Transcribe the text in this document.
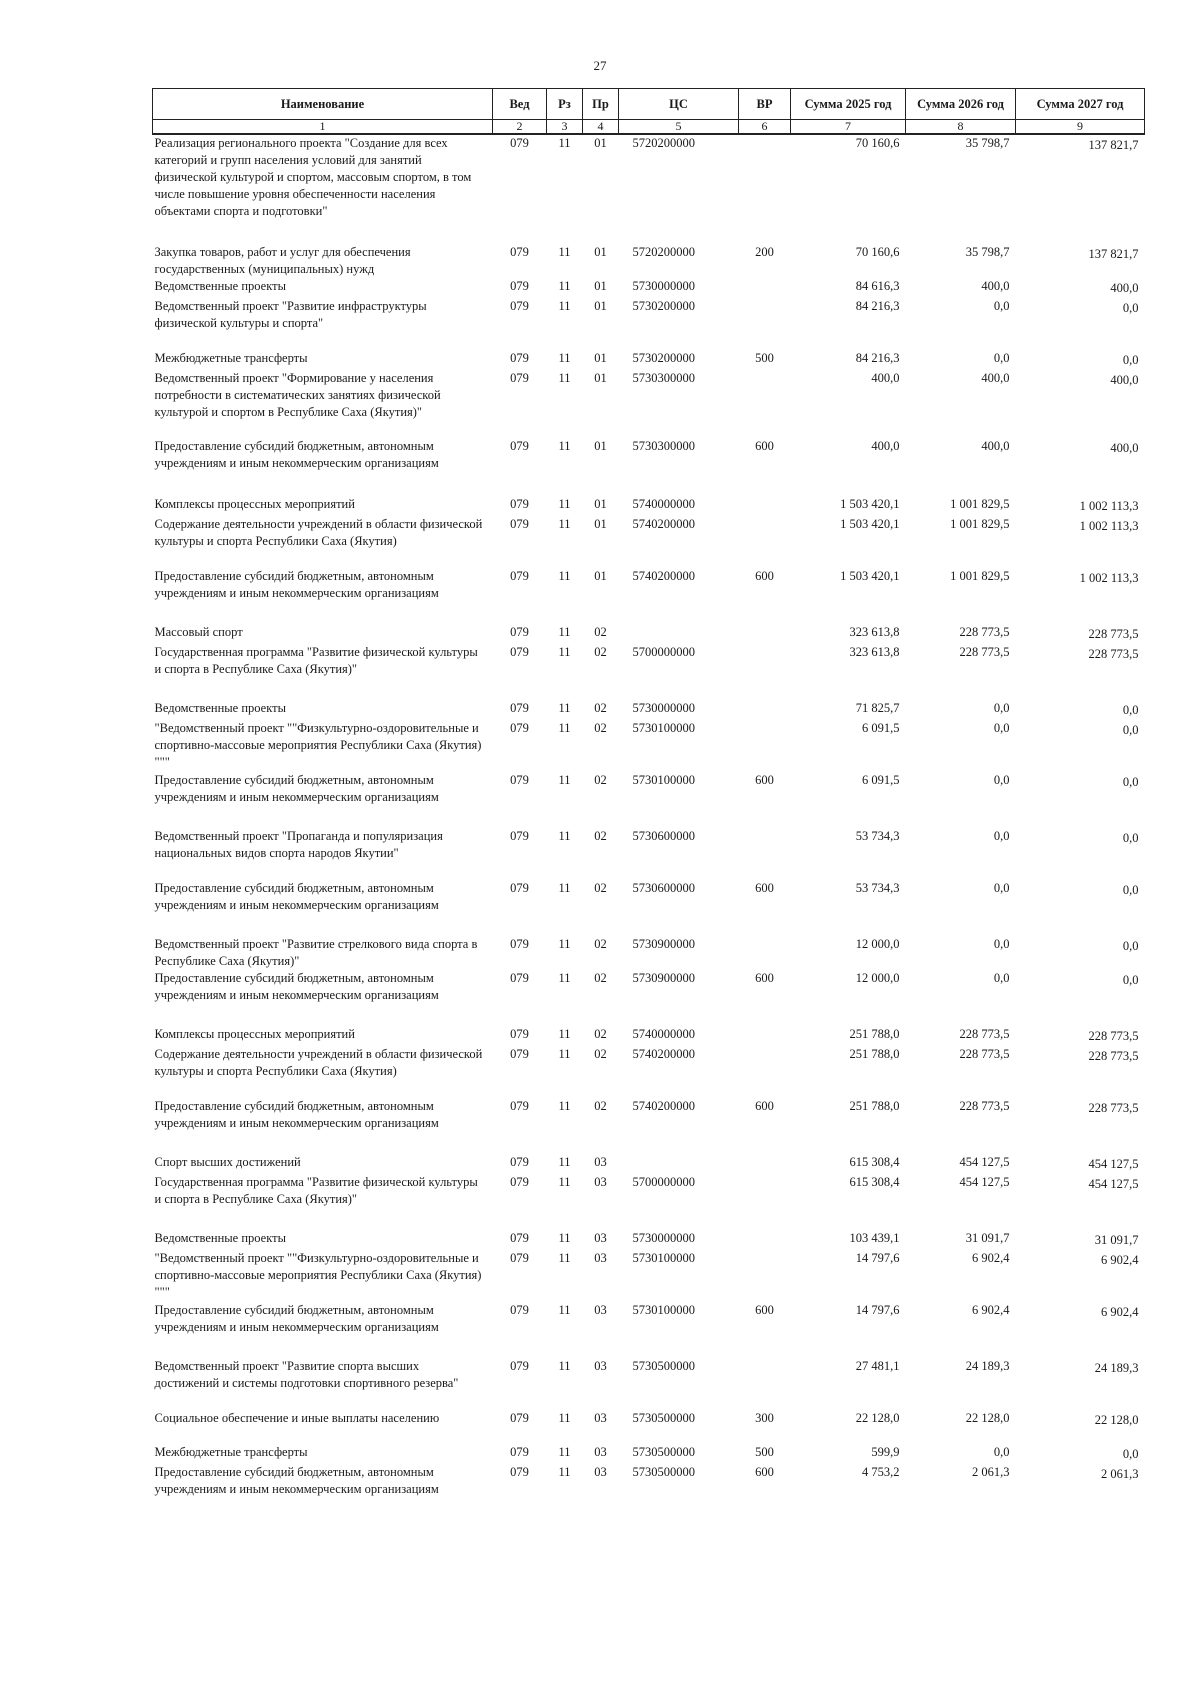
27
Наименование	Вед	Рз	Пр	ЦС	ВР	Сумма 2025 год	Сумма 2026 год	Сумма 2027 год
1	2	3	4	5	6	7	8	9
Реализация регионального проекта "Создание для всех категорий и групп населения условий для занятий физической культурой и спортом, массовым спортом, в том числе повышение уровня обеспеченности населения объектами спорта и подготовки"	079	11	01	5720200000		70 160,6	35 798,7	137 821,7
Закупка товаров, работ и услуг для обеспечения государственных (муниципальных) нужд	079	11	01	5720200000	200	70 160,6	35 798,7	137 821,7
Ведомственные проекты	079	11	01	5730000000		84 616,3	400,0	400,0
Ведомственный проект "Развитие инфраструктуры физической культуры и спорта"	079	11	01	5730200000		84 216,3	0,0	0,0
Межбюджетные трансферты	079	11	01	5730200000	500	84 216,3	0,0	0,0
Ведомственный проект "Формирование у населения потребности в систематических занятиях физической культурой и спортом в Республике Саха (Якутия)"	079	11	01	5730300000		400,0	400,0	400,0
Предоставление субсидий бюджетным, автономным учреждениям и иным некоммерческим организациям	079	11	01	5730300000	600	400,0	400,0	400,0
Комплексы процессных мероприятий	079	11	01	5740000000		1 503 420,1	1 001 829,5	1 002 113,3
Содержание деятельности учреждений в области физической культуры и спорта Республики Саха (Якутия)	079	11	01	5740200000		1 503 420,1	1 001 829,5	1 002 113,3
Предоставление субсидий бюджетным, автономным учреждениям и иным некоммерческим организациям	079	11	01	5740200000	600	1 503 420,1	1 001 829,5	1 002 113,3
Массовый спорт	079	11	02			323 613,8	228 773,5	228 773,5
Государственная программа "Развитие физической культуры и спорта в Республике Саха (Якутия)"	079	11	02	5700000000		323 613,8	228 773,5	228 773,5
Ведомственные проекты	079	11	02	5730000000		71 825,7	0,0	0,0
"Ведомственный проект ""Физкультурно-оздоровительные и спортивно-массовые мероприятия Республики Саха (Якутия) """	079	11	02	5730100000		6 091,5	0,0	0,0
Предоставление субсидий бюджетным, автономным учреждениям и иным некоммерческим организациям	079	11	02	5730100000	600	6 091,5	0,0	0,0
Ведомственный проект "Пропаганда и популяризация национальных видов спорта народов Якутии"	079	11	02	5730600000		53 734,3	0,0	0,0
Предоставление субсидий бюджетным, автономным учреждениям и иным некоммерческим организациям	079	11	02	5730600000	600	53 734,3	0,0	0,0
Ведомственный проект "Развитие стрелкового вида спорта в Республике Саха (Якутия)"	079	11	02	5730900000		12 000,0	0,0	0,0
Предоставление субсидий бюджетным, автономным учреждениям и иным некоммерческим организациям	079	11	02	5730900000	600	12 000,0	0,0	0,0
Комплексы процессных мероприятий	079	11	02	5740000000		251 788,0	228 773,5	228 773,5
Содержание деятельности учреждений в области физической культуры и спорта Республики Саха (Якутия)	079	11	02	5740200000		251 788,0	228 773,5	228 773,5
Предоставление субсидий бюджетным, автономным учреждениям и иным некоммерческим организациям	079	11	02	5740200000	600	251 788,0	228 773,5	228 773,5
Спорт высших достижений	079	11	03			615 308,4	454 127,5	454 127,5
Государственная программа "Развитие физической культуры и спорта в Республике Саха (Якутия)"	079	11	03	5700000000		615 308,4	454 127,5	454 127,5
Ведомственные проекты	079	11	03	5730000000		103 439,1	31 091,7	31 091,7
"Ведомственный проект ""Физкультурно-оздоровительные и спортивно-массовые мероприятия Республики Саха (Якутия) """	079	11	03	5730100000		14 797,6	6 902,4	6 902,4
Предоставление субсидий бюджетным, автономным учреждениям и иным некоммерческим организациям	079	11	03	5730100000	600	14 797,6	6 902,4	6 902,4
Ведомственный проект "Развитие спорта высших достижений и системы подготовки спортивного резерва"	079	11	03	5730500000		27 481,1	24 189,3	24 189,3
Социальное обеспечение и иные выплаты населению	079	11	03	5730500000	300	22 128,0	22 128,0	22 128,0
Межбюджетные трансферты	079	11	03	5730500000	500	599,9	0,0	0,0
Предоставление субсидий бюджетным, автономным учреждениям и иным некоммерческим организациям	079	11	03	5730500000	600	4 753,2	2 061,3	2 061,3
